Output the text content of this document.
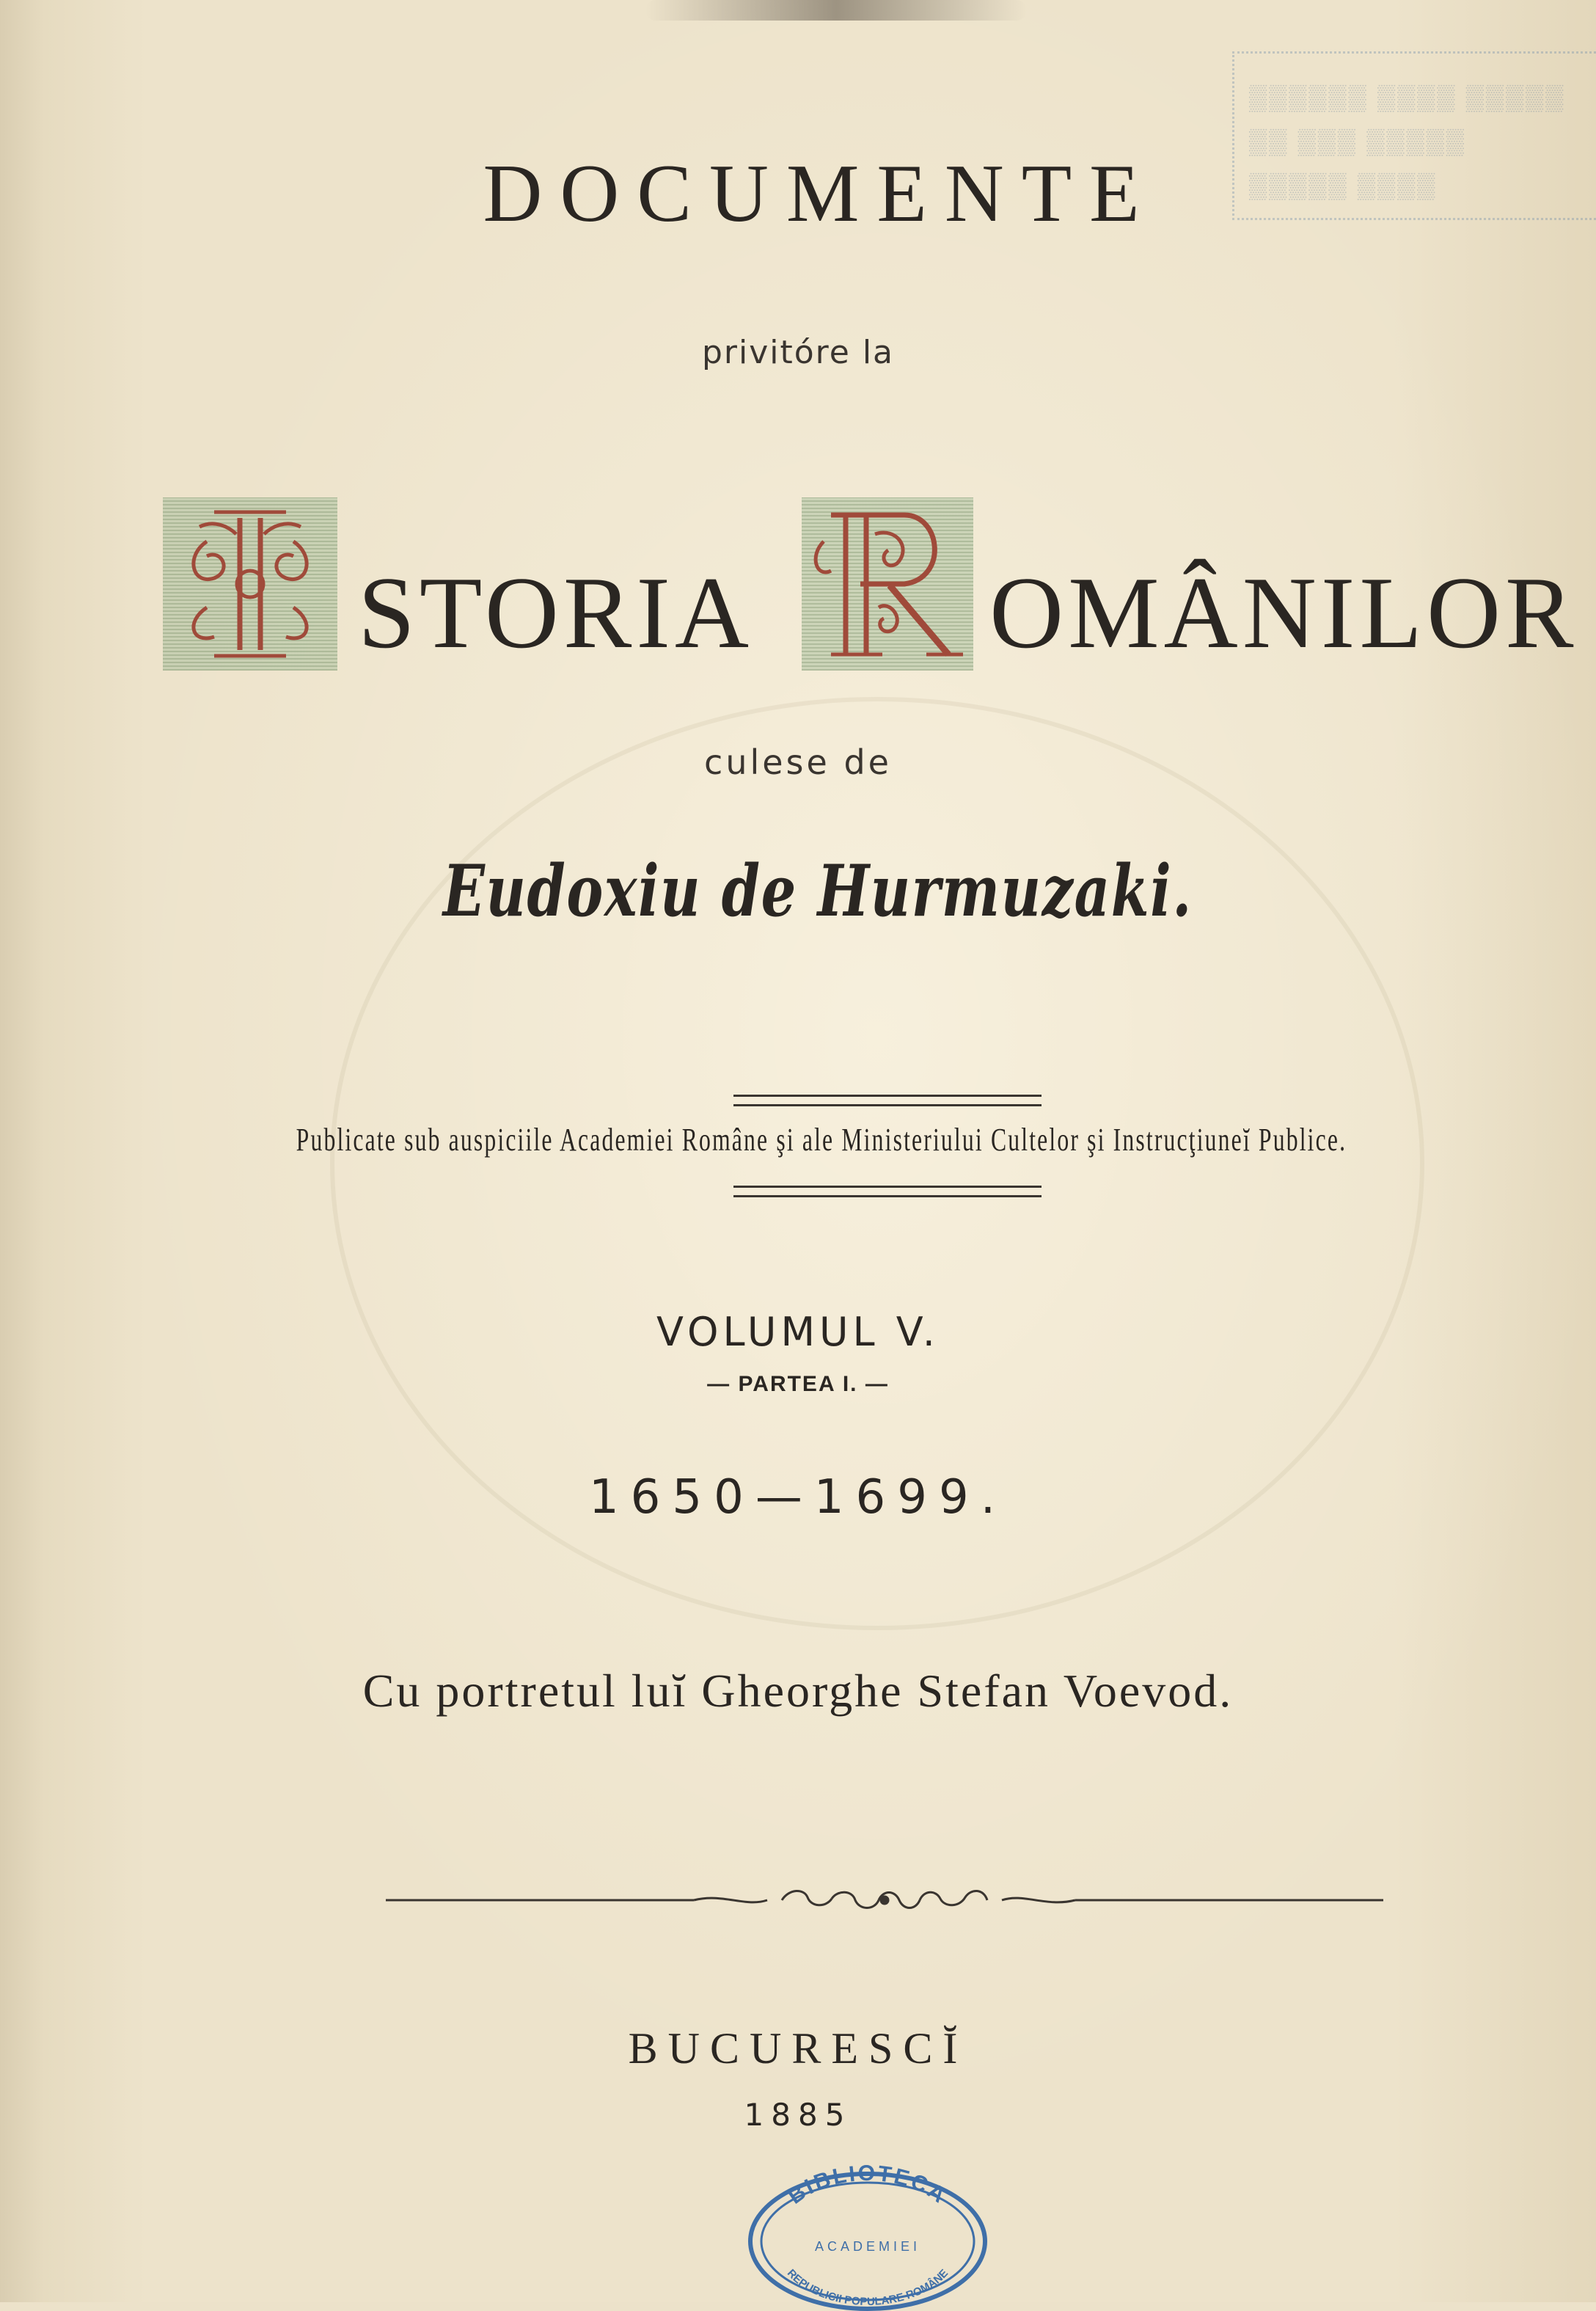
▒▒▒▒▒▒ ▒▒▒▒ ▒▒▒▒▒
▒▒ ▒▒▒ ▒▒▒▒▒
▒▒▒▒▒ ▒▒▒▒
DOCUMENTE
privitóre la
STORIA OMÂNILOR
culese de
Eudoxiu de Hurmuzaki.
Publicate sub auspiciile Academiei Române şi ale Ministeriului Cultelor şi Instrucţiuneĭ Publice.
VOLUMUL V.
— PARTEA I. —
1650—1699.
Cu portretul luĭ Gheorghe Stefan Voevod.
BUCURESCĬ
1885
BIBLIOTECA
ACADEMIEI
REPUBLICII POPULARE ROMÂNE
